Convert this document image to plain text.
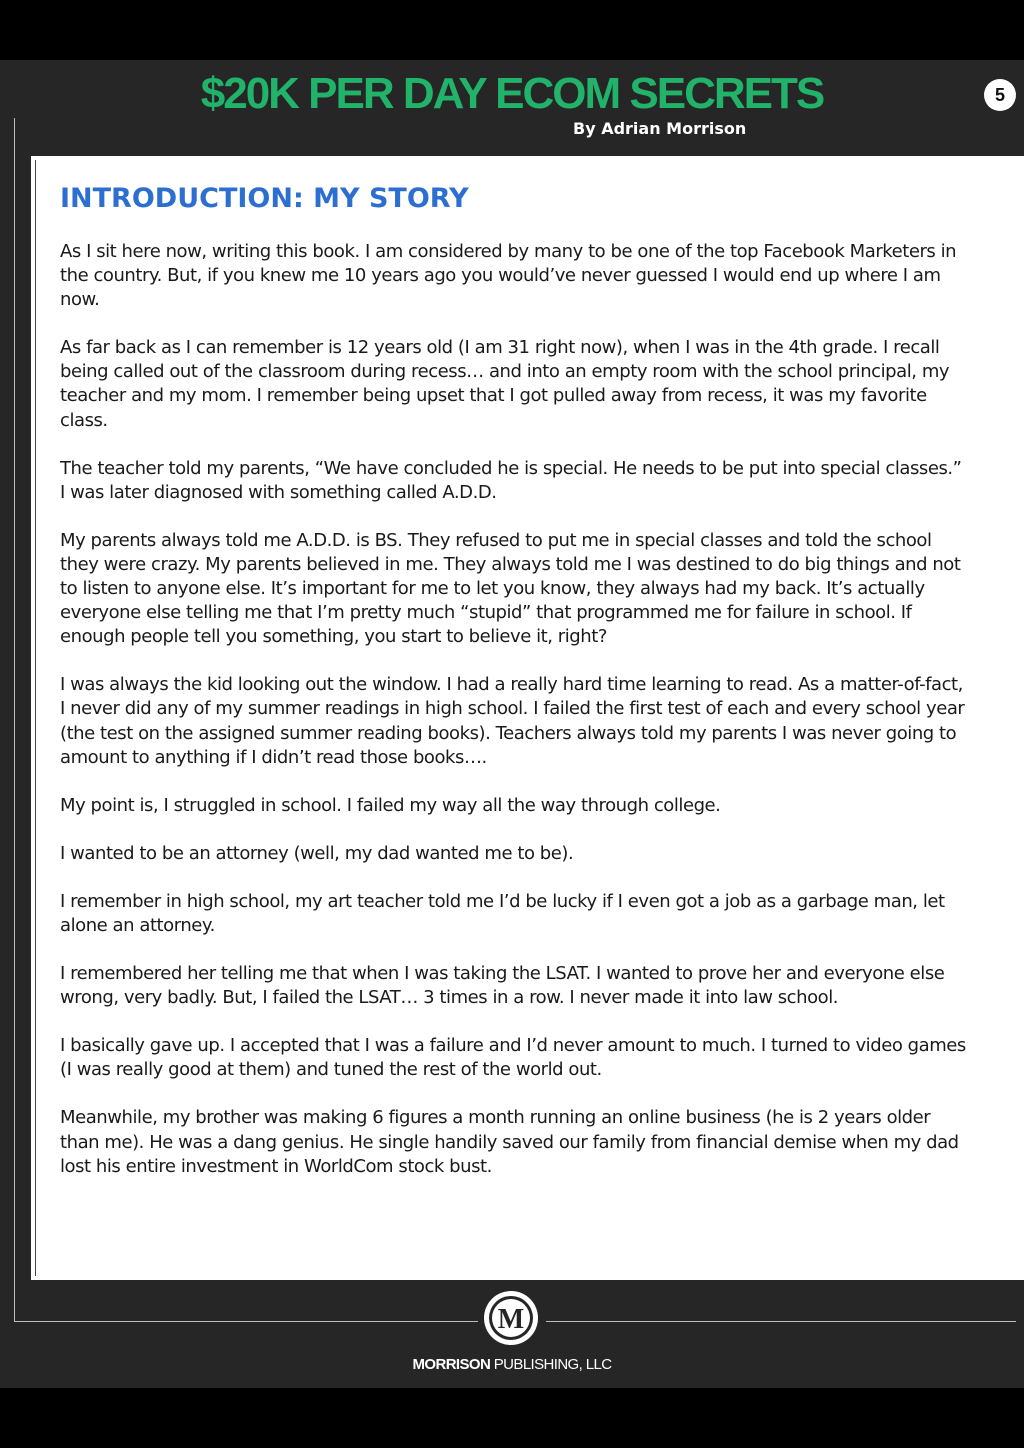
$20K PER DAY ECOM SECRETS
By Adrian Morrison
5
INTRODUCTION: MY STORY

As I sit here now, writing this book. I am considered by many to be one of the top Facebook Marketers in the country. But, if you knew me 10 years ago you would’ve never guessed I would end up where I am now.

As far back as I can remember is 12 years old (I am 31 right now), when I was in the 4th grade. I recall being called out of the classroom during recess… and into an empty room with the school principal, my teacher and my mom. I remember being upset that I got pulled away from recess, it was my favorite class.

The teacher told my parents, “We have concluded he is special. He needs to be put into special classes.” I was later diagnosed with something called A.D.D.

My parents always told me A.D.D. is BS. They refused to put me in special classes and told the school they were crazy. My parents believed in me. They always told me I was destined to do big things and not to listen to anyone else. It’s important for me to let you know, they always had my back. It’s actually everyone else telling me that I’m pretty much “stupid” that programmed me for failure in school. If enough people tell you something, you start to believe it, right?

I was always the kid looking out the window. I had a really hard time learning to read. As a matter-of-fact, I never did any of my summer readings in high school. I failed the first test of each and every school year (the test on the assigned summer reading books). Teachers always told my parents I was never going to amount to anything if I didn’t read those books….

My point is, I struggled in school. I failed my way all the way through college.

I wanted to be an attorney (well, my dad wanted me to be).

I remember in high school, my art teacher told me I’d be lucky if I even got a job as a garbage man, let alone an attorney.

I remembered her telling me that when I was taking the LSAT. I wanted to prove her and everyone else wrong, very badly. But, I failed the LSAT… 3 times in a row. I never made it into law school.

I basically gave up. I accepted that I was a failure and I’d never amount to much. I turned to video games (I was really good at them) and tuned the rest of the world out.

Meanwhile, my brother was making 6 figures a month running an online business (he is 2 years older than me). He was a dang genius. He single handily saved our family from financial demise when my dad lost his entire investment in WorldCom stock bust.

M
MORRISON PUBLISHING, LLC
